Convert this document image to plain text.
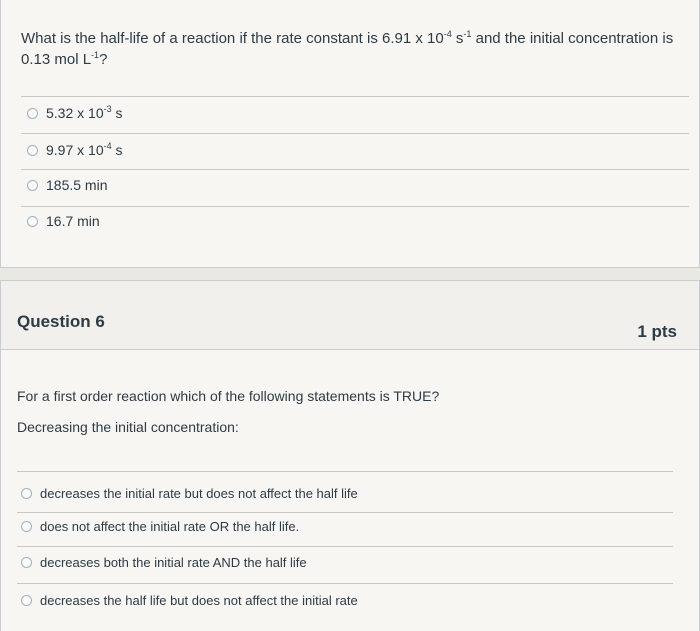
What is the half-life of a reaction if the rate constant is 6.91 x $10^{-4}$ $s^{-1}$ and the initial concentration is
0.13 mol $L^{-1}$?
5.32 x $10^{-3}$ s
9.97 x $10^{-4}$ s
185.5 min
16.7 min
Question 6
1 pts
For a first order reaction which of the following statements is TRUE?
Decreasing the initial concentration:
decreases the initial rate but does not affect the half life
does not affect the initial rate OR the half life.
decreases both the initial rate AND the half life
decreases the half life but does not affect the initial rate
